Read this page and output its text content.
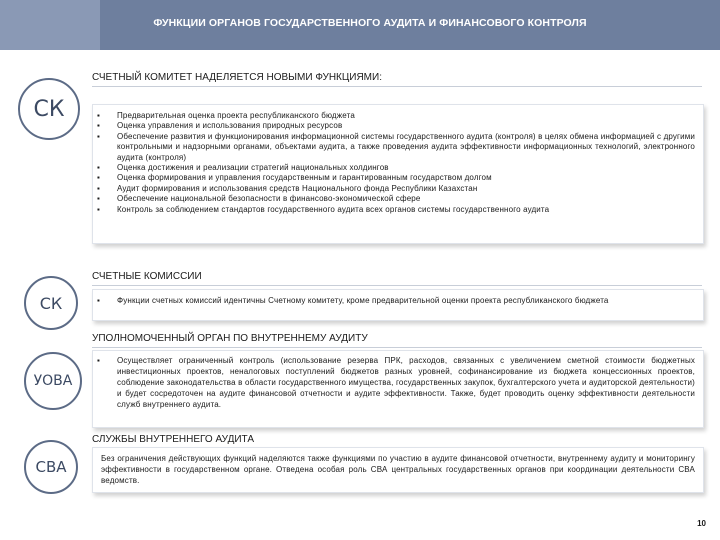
ФУНКЦИИ ОРГАНОВ ГОСУДАРСТВЕННОГО АУДИТА И ФИНАНСОВОГО КОНТРОЛЯ
СК
СЧЕТНЫЙ КОМИТЕТ НАДЕЛЯЕТСЯ НОВЫМИ ФУНКЦИЯМИ:
▪ Предварительная оценка проекта республиканского бюджета
▪ Оценка управления и использования природных ресурсов
▪ Обеспечение развития и функционирования информационной системы государственного аудита (контроля) в целях обмена информацией с другими контрольными и надзорными органами, объектами аудита, а также проведения аудита эффективности информационных технологий, электронного аудита (контроля)
▪ Оценка достижения и реализации стратегий национальных холдингов
▪ Оценка формирования и управления государственным и гарантированным государством долгом
▪ Аудит формирования и использования средств Национального фонда Республики Казахстан
▪ Обеспечение национальной безопасности в финансово-экономической сфере
▪ Контроль за соблюдением стандартов государственного аудита всех органов системы государственного аудита
СК
СЧЕТНЫЕ КОМИССИИ
▪ Функции счетных комиссий идентичны Счетному комитету, кроме предварительной оценки проекта республиканского бюджета
УОВА
УПОЛНОМОЧЕННЫЙ ОРГАН ПО ВНУТРЕННЕМУ АУДИТУ
▪ Осуществляет ограниченный контроль (использование резерва ПРК, расходов, связанных с увеличением сметной стоимости бюджетных инвестиционных проектов, неналоговых поступлений бюджетов разных уровней, софинансирование из бюджета концессионных проектов, соблюдение законодательства в области государственного имущества, государственных закупок, бухгалтерского учета и аудиторской деятельности) и будет сосредоточен на аудите финансовой отчетности и аудите эффективности. Также, будет проводить оценку эффективности деятельности служб внутреннего аудита.
СВА
СЛУЖБЫ ВНУТРЕННЕГО АУДИТА
Без ограничения действующих функций наделяются также функциями по участию в аудите финансовой отчетности, внутреннему аудиту и мониторингу эффективности в государственном органе. Отведена особая роль СВА центральных государственных органов при координации деятельности СВА ведомств.
10
